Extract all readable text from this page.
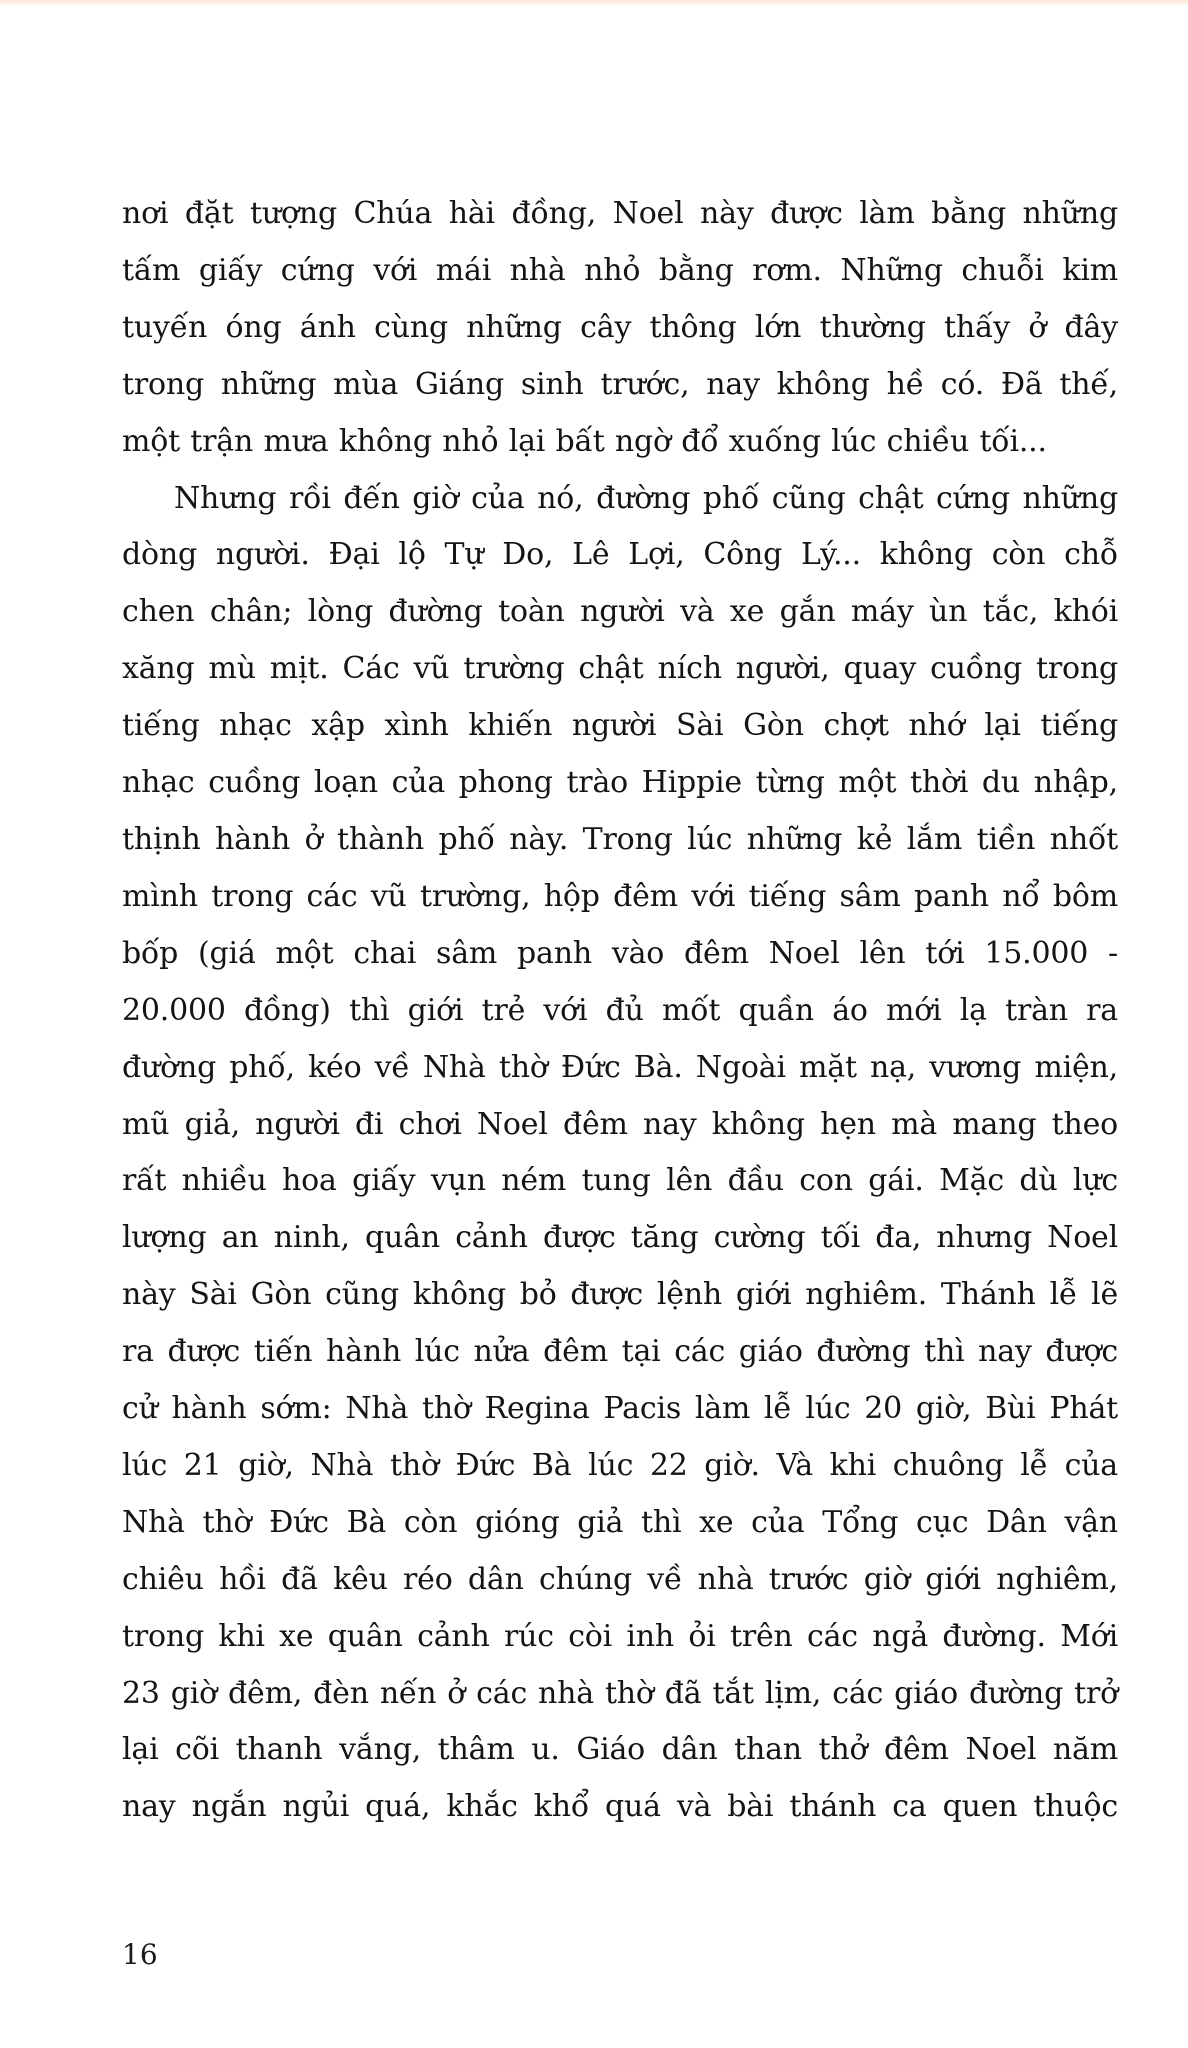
nơi đặt tượng Chúa hài đồng, Noel này được làm bằng những
tấm giấy cứng với mái nhà nhỏ bằng rơm. Những chuỗi kim
tuyến óng ánh cùng những cây thông lớn thường thấy ở đây
trong những mùa Giáng sinh trước, nay không hề có. Đã thế,
một trận mưa không nhỏ lại bất ngờ đổ xuống lúc chiều tối...

Nhưng rồi đến giờ của nó, đường phố cũng chật cứng những
dòng người. Đại lộ Tự Do, Lê Lợi, Công Lý... không còn chỗ
chen chân; lòng đường toàn người và xe gắn máy ùn tắc, khói
xăng mù mịt. Các vũ trường chật ních người, quay cuồng trong
tiếng nhạc xập xình khiến người Sài Gòn chợt nhớ lại tiếng
nhạc cuồng loạn của phong trào Hippie từng một thời du nhập,
thịnh hành ở thành phố này. Trong lúc những kẻ lắm tiền nhốt
mình trong các vũ trường, hộp đêm với tiếng sâm panh nổ bôm
bốp (giá một chai sâm panh vào đêm Noel lên tới 15.000 -
20.000 đồng) thì giới trẻ với đủ mốt quần áo mới lạ tràn ra
đường phố, kéo về Nhà thờ Đức Bà. Ngoài mặt nạ, vương miện,
mũ giả, người đi chơi Noel đêm nay không hẹn mà mang theo
rất nhiều hoa giấy vụn ném tung lên đầu con gái. Mặc dù lực
lượng an ninh, quân cảnh được tăng cường tối đa, nhưng Noel
này Sài Gòn cũng không bỏ được lệnh giới nghiêm. Thánh lễ lẽ
ra được tiến hành lúc nửa đêm tại các giáo đường thì nay được
cử hành sớm: Nhà thờ Regina Pacis làm lễ lúc 20 giờ, Bùi Phát
lúc 21 giờ, Nhà thờ Đức Bà lúc 22 giờ. Và khi chuông lễ của
Nhà thờ Đức Bà còn gióng giả thì xe của Tổng cục Dân vận
chiêu hồi đã kêu réo dân chúng về nhà trước giờ giới nghiêm,
trong khi xe quân cảnh rúc còi inh ỏi trên các ngả đường. Mới
23 giờ đêm, đèn nến ở các nhà thờ đã tắt lịm, các giáo đường trở
lại cõi thanh vắng, thâm u. Giáo dân than thở đêm Noel năm
nay ngắn ngủi quá, khắc khổ quá và bài thánh ca quen thuộc

16
